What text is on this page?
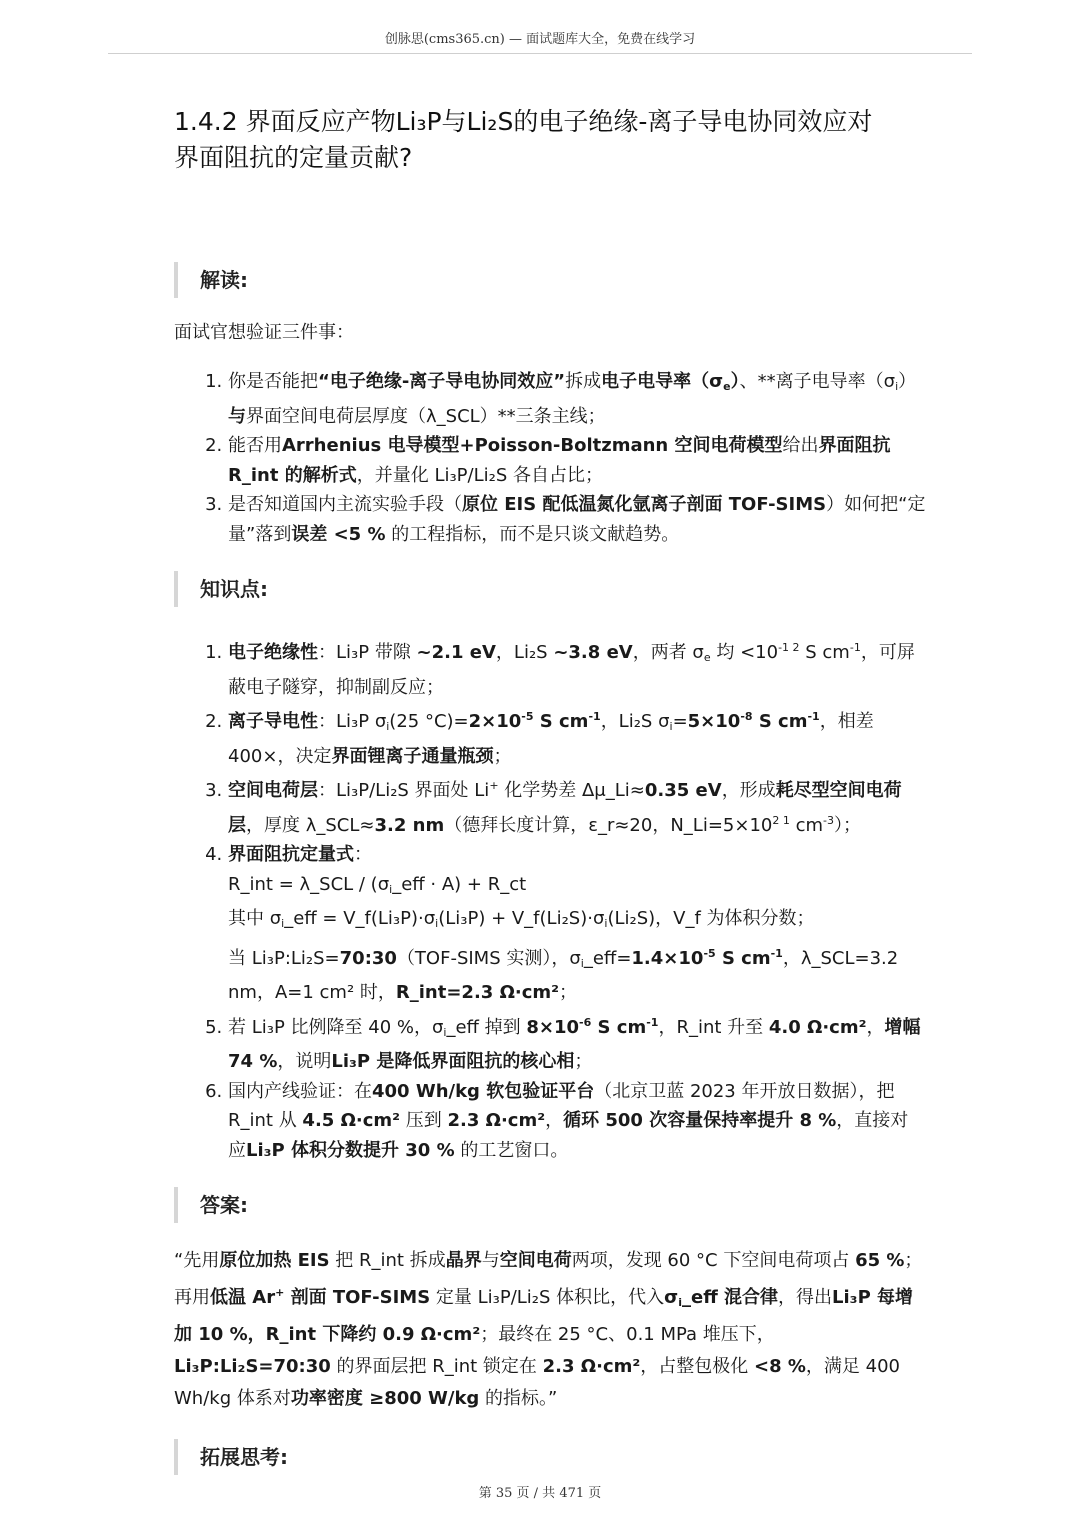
创脉思(cms365.cn) — 面试题库大全，免费在线学习
1.4.2 界面反应产物Li₃P与Li₂S的电子绝缘-离子导电协同效应对
界面阻抗的定量贡献?
解读:
面试官想验证三件事：
1. 你是否能把“电子绝缘-离子导电协同效应”拆成电子电导率$(\sigma_e)$、**离子电导率$(\sigma_i)$与界面空间电荷层厚度（λ_SCL）**三条主线；
2. 能否用Arrhenius 电导模型+Poisson-Boltzmann 空间电荷模型给出界面阻抗 R_int 的解析式，并量化 Li₃P/Li₂S 各自占比；
3. 是否知道国内主流实验手段（原位 EIS 配低温氮化氩离子剖面 TOF-SIMS）如何把“定量”落到误差 <5 % 的工程指标，而不是只谈文献趋势。
知识点:
1. 电子绝缘性：Li₃P 带隙 ~2.1 eV，Li₂S ~3.8 eV，两者 $\sigma_e$ 均 $<10^{-1 2}$ S $cm^{-1}$，可屏蔽电子隧穿，抑制副反应；
2. 离子导电性：Li₃P $\sigma_i(25$ $^\circ C)=2\times 10^{-5}$ S $cm^{-1}$，Li₂S $\sigma_i=5\times 10^{-8}$ S $cm^{-1}$，相差 400×，决定界面锂离子通量瓶颈；
3. 空间电荷层：Li₃P/Li₂S 界面处 Li+ 化学势差 Δμ_Li≈0.35 eV，形成耗尽型空间电荷层，厚度 λ_SCL≈3.2 nm（德拜长度计算，ε_r≈20，$N\_Li=5\times 10^{2 1}$ $cm^{-3}$）；
4. 界面阻抗定量式：
R_int = λ_SCL / $(\sigma_i\_eff \cdot A)$ + R_ct
其中 $\sigma_i\_eff$ = $V\_f(Li_3P)\cdot\sigma_i(Li_3P)$ + $V\_f(Li_2S)\cdot\sigma_i(Li_2S)$，V_f 为体积分数；
当 Li₃P:Li₂S=70:30（TOF-SIMS 实测），$\sigma_i\_eff=1.4\times 10^{-5}$ S $cm^{-1}$，λ_SCL=3.2 nm，A=1 cm² 时，R_int=2.3 Ω·cm²；
5. 若 Li₃P 比例降至 40 %，$\sigma_i\_eff$ 掉到 $8\times 10^{-6}$ S $cm^{-1}$，R_int 升至 4.0 Ω·cm²，增幅 74 %，说明Li₃P 是降低界面阻抗的核心相；
6. 国内产线验证：在400 Wh/kg 软包验证平台（北京卫蓝 2023 年开放日数据），把 R_int 从 4.5 Ω·cm² 压到 2.3 Ω·cm²，循环 500 次容量保持率提升 8 %，直接对应Li₃P 体积分数提升 30 % 的工艺窗口。
答案:
“先用原位加热 EIS 把 R_int 拆成晶界与空间电荷两项，发现 60 °C 下空间电荷项占 65 %；再用低温 Ar+ 剖面 TOF-SIMS 定量 Li₃P/Li₂S 体积比，代入$\sigma_i\_eff$ 混合律，得出Li₃P 每增加 10 %，R_int 下降约 0.9 Ω·cm²；最终在 25 °C、0.1 MPa 堆压下，Li₃P:Li₂S=70:30 的界面层把 R_int 锁定在 2.3 Ω·cm²，占整包极化 <8 %，满足 400 Wh/kg 体系对功率密度 ≥800 W/kg 的指标。”
拓展思考:
第 35 页 / 共 471 页
